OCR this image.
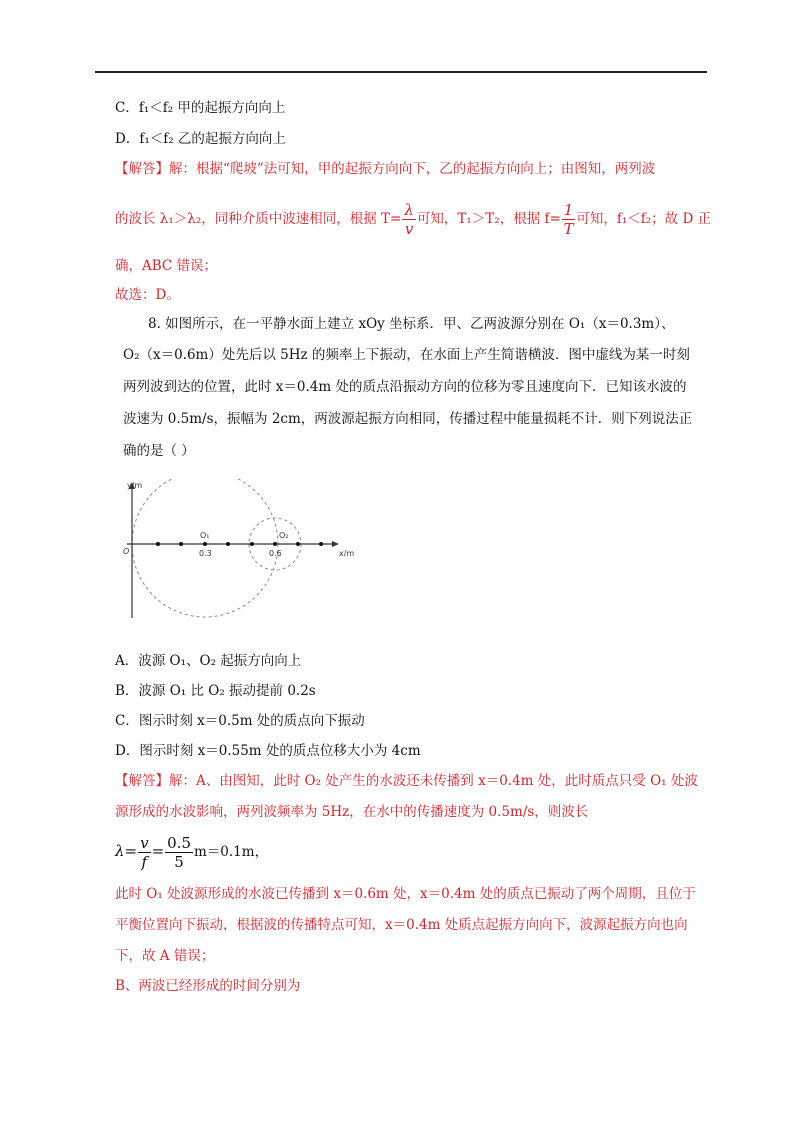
C．f₁＜f₂ 甲的起振方向向上
D．f₁＜f₂ 乙的起振方向向上
【解答】解：根据“爬坡”法可知，甲的起振方向向下，乙的起振方向向上；由图知，两列波
的波长 λ₁＞λ₂，同种介质中波速相同，根据 $T= \frac{\lambda}{v}$ 可知，T₁＞T₂，根据 $f= \frac{1}{T}$ 可知，f₁＜f₂；故 D 正
确，ABC 错误；
故选：D。
8. 如图所示，在一平静水面上建立 xOy 坐标系．甲、乙两波源分别在 O₁（x＝0.3m）、
O₂（x＝0.6m）处先后以 5Hz 的频率上下振动，在水面上产生简谐横波．图中虚线为某一时刻
两列波到达的位置，此时 x＝0.4m 处的质点沿振动方向的位移为零且速度向下．已知该水波的
波速为 0.5m/s，振幅为 2cm，两波源起振方向相同，传播过程中能量损耗不计．则下列说法正
确的是（ ）
y/m
x/m
O
O₁	O₂
0.3	0.6
A．波源 O₁、O₂ 起振方向向上
B．波源 O₁ 比 O₂ 振动提前 0.2s
C．图示时刻 x＝0.5m 处的质点向下振动
D．图示时刻 x＝0.55m 处的质点位移大小为 4cm
【解答】解：A、由图知，此时 O₂ 处产生的水波还未传播到 x＝0.4m 处，此时质点只受 O₁ 处波
源形成的水波影响，两列波频率为 5Hz，在水中的传播速度为 0.5m/s，则波长
$\lambda= \frac{v}{f} = \frac{0.5}{5} m=0.1m$，
此时 O₁ 处波源形成的水波已传播到 x＝0.6m 处，x＝0.4m 处的质点已振动了两个周期，且位于
平衡位置向下振动，根据波的传播特点可知，x＝0.4m 处质点起振方向向下，波源起振方向也向
下，故 A 错误；
B、两波已经形成的时间分别为
